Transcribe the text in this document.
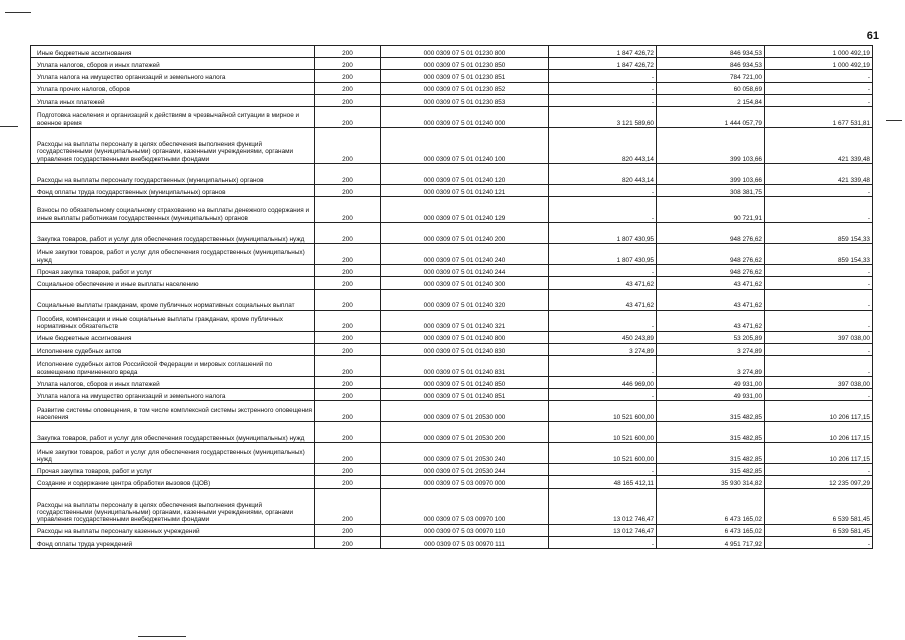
61
Иные бюджетные ассигнования	200	000 0309 07 5 01 01230 800	1 847 426,72	846 934,53	1 000 492,19
Уплата налогов, сборов и иных платежей	200	000 0309 07 5 01 01230 850	1 847 426,72	846 934,53	1 000 492,19
Уплата налога на имущество организаций и земельного налога	200	000 0309 07 5 01 01230 851	-	784 721,00	-
Уплата прочих налогов, сборов	200	000 0309 07 5 01 01230 852	-	60 058,69	-
Уплата иных платежей	200	000 0309 07 5 01 01230 853	-	2 154,84	-
Подготовка населения и организаций к действиям в чрезвычайной ситуации в мирное и военное время	200	000 0309 07 5 01 01240 000	3 121 589,60	1 444 057,79	1 677 531,81
Расходы на выплаты персоналу в целях обеспечения выполнения функций государственными (муниципальными) органами, казенными учреждениями, органами управления государственными внебюджетными фондами	200	000 0309 07 5 01 01240 100	820 443,14	399 103,66	421 339,48
Расходы на выплаты персоналу государственных (муниципальных) органов	200	000 0309 07 5 01 01240 120	820 443,14	399 103,66	421 339,48
Фонд оплаты труда государственных (муниципальных) органов	200	000 0309 07 5 01 01240 121	-	308 381,75	-
Взносы по обязательному социальному страхованию на выплаты денежного содержания и иные выплаты работникам государственных (муниципальных) органов	200	000 0309 07 5 01 01240 129	-	90 721,91	-
Закупка товаров, работ и услуг для обеспечения государственных (муниципальных) нужд	200	000 0309 07 5 01 01240 200	1 807 430,95	948 276,62	859 154,33
Иные закупки товаров, работ и услуг для обеспечения государственных (муниципальных) нужд	200	000 0309 07 5 01 01240 240	1 807 430,95	948 276,62	859 154,33
Прочая закупка товаров, работ и услуг	200	000 0309 07 5 01 01240 244	-	948 276,62	-
Социальное обеспечение и иные выплаты населению	200	000 0309 07 5 01 01240 300	43 471,62	43 471,62	-
Социальные выплаты гражданам, кроме публичных нормативных социальных выплат	200	000 0309 07 5 01 01240 320	43 471,62	43 471,62	-
Пособия, компенсации и иные социальные выплаты гражданам, кроме публичных нормативных обязательств	200	000 0309 07 5 01 01240 321	-	43 471,62	-
Иные бюджетные ассигнования	200	000 0309 07 5 01 01240 800	450 243,89	53 205,89	397 038,00
Исполнение судебных актов	200	000 0309 07 5 01 01240 830	3 274,89	3 274,89	-
Исполнение судебных актов Российской Федерации и мировых соглашений по возмещению причиненного вреда	200	000 0309 07 5 01 01240 831	-	3 274,89	-
Уплата налогов, сборов и иных платежей	200	000 0309 07 5 01 01240 850	446 969,00	49 931,00	397 038,00
Уплата налога на имущество организаций и земельного налога	200	000 0309 07 5 01 01240 851	-	49 931,00	-
Развитие системы оповещения, в том числе комплексной системы экстренного оповещения населения	200	000 0309 07 5 01 20530 000	10 521 600,00	315 482,85	10 206 117,15
Закупка товаров, работ и услуг для обеспечения государственных (муниципальных) нужд	200	000 0309 07 5 01 20530 200	10 521 600,00	315 482,85	10 206 117,15
Иные закупки товаров, работ и услуг для обеспечения государственных (муниципальных) нужд	200	000 0309 07 5 01 20530 240	10 521 600,00	315 482,85	10 206 117,15
Прочая закупка товаров, работ и услуг	200	000 0309 07 5 01 20530 244	-	315 482,85	-
Создание и содержание центра обработки вызовов (ЦОВ)	200	000 0309 07 5 03 00970 000	48 165 412,11	35 930 314,82	12 235 097,29
Расходы на выплаты персоналу в целях обеспечения выполнения функций государственными (муниципальными) органами, казенными учреждениями, органами управления государственными внебюджетными фондами	200	000 0309 07 5 03 00970 100	13 012 746,47	6 473 165,02	6 539 581,45
Расходы на выплаты персоналу казенных учреждений	200	000 0309 07 5 03 00970 110	13 012 746,47	6 473 165,02	6 539 581,45
Фонд оплаты труда учреждений	200	000 0309 07 5 03 00970 111	-	4 951 717,92	-
